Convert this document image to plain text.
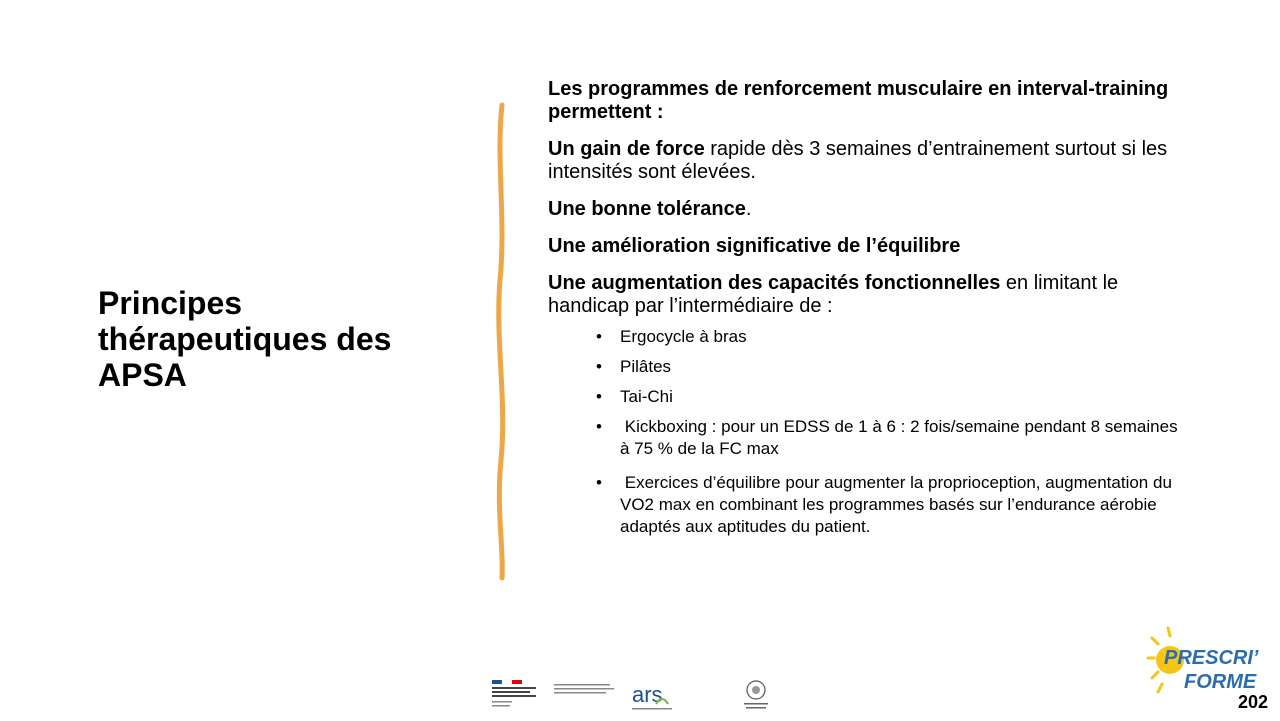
Principes thérapeutiques des APSA

Les programmes de renforcement musculaire en interval-training permettent :

Un gain de force rapide dès 3 semaines d’entrainement surtout si les intensités sont élevées.

Une bonne tolérance.

Une amélioration significative de l’équilibre

Une augmentation des capacités fonctionnelles en limitant le handicap par l’intermédiaire de :

• Ergocycle à bras
• Pilâtes
• Tai-Chi
•  Kickboxing : pour un EDSS de 1 à 6 : 2 fois/semaine pendant 8 semaines à 75 % de la FC max
•  Exercices d’équilibre pour augmenter la proprioception, augmentation du VO2 max en combinant les programmes basés sur l’endurance aérobie adaptés aux aptitudes du patient.
ars
PRESCRI’
FORME
202
